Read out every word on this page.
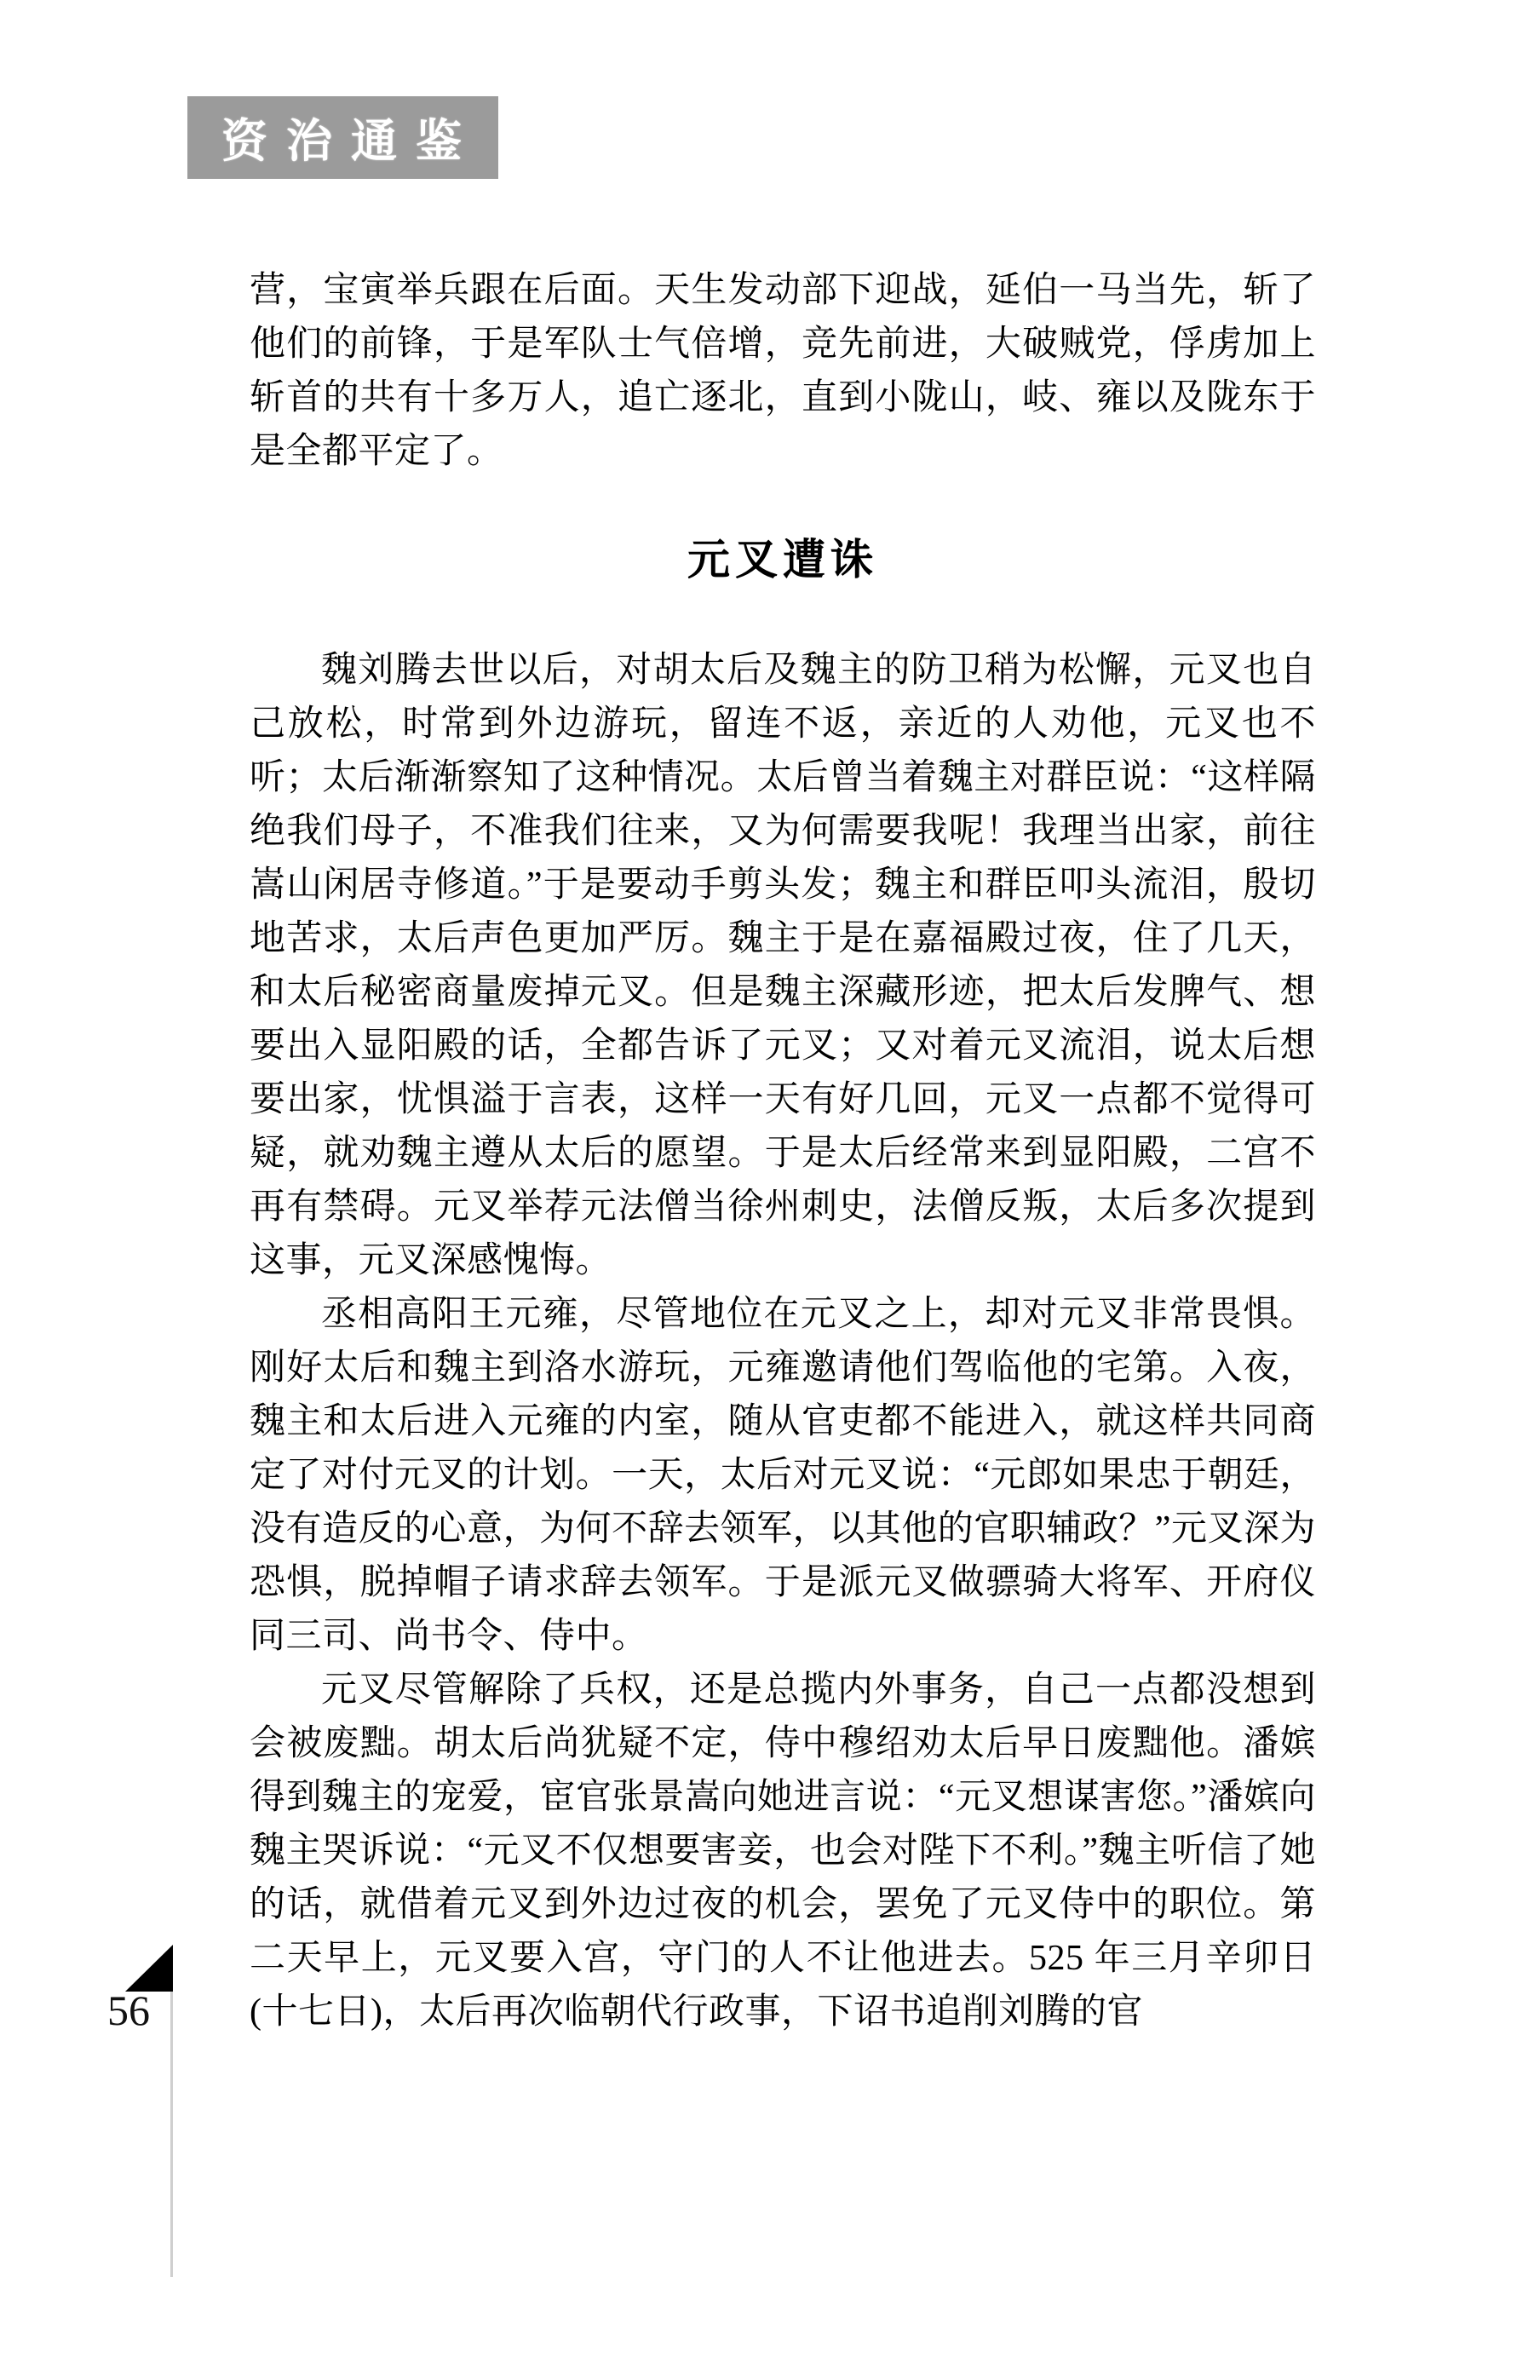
资治通鉴

营，宝寅举兵跟在后面。天生发动部下迎战，延伯一马当先，斩了他们的前锋，于是军队士气倍增，竞先前进，大破贼党，俘虏加上斩首的共有十多万人，追亡逐北，直到小陇山，岐、雍以及陇东于是全都平定了。

元叉遭诛

魏刘腾去世以后，对胡太后及魏主的防卫稍为松懈，元叉也自己放松，时常到外边游玩，留连不返，亲近的人劝他，元叉也不听；太后渐渐察知了这种情况。太后曾当着魏主对群臣说：“这样隔绝我们母子，不准我们往来，又为何需要我呢！我理当出家，前往嵩山闲居寺修道。”于是要动手剪头发；魏主和群臣叩头流泪，殷切地苦求，太后声色更加严厉。魏主于是在嘉福殿过夜，住了几天，和太后秘密商量废掉元叉。但是魏主深藏形迹，把太后发脾气、想要出入显阳殿的话，全都告诉了元叉；又对着元叉流泪，说太后想要出家，忧惧溢于言表，这样一天有好几回，元叉一点都不觉得可疑，就劝魏主遵从太后的愿望。于是太后经常来到显阳殿，二宫不再有禁碍。元叉举荐元法僧当徐州刺史，法僧反叛，太后多次提到这事，元叉深感愧悔。

丞相高阳王元雍，尽管地位在元叉之上，却对元叉非常畏惧。刚好太后和魏主到洛水游玩，元雍邀请他们驾临他的宅第。入夜，魏主和太后进入元雍的内室，随从官吏都不能进入，就这样共同商定了对付元叉的计划。一天，太后对元叉说：“元郎如果忠于朝廷，没有造反的心意，为何不辞去领军，以其他的官职辅政？”元叉深为恐惧，脱掉帽子请求辞去领军。于是派元叉做骠骑大将军、开府仪同三司、尚书令、侍中。

元叉尽管解除了兵权，还是总揽内外事务，自己一点都没想到会被废黜。胡太后尚犹疑不定，侍中穆绍劝太后早日废黜他。潘嫔得到魏主的宠爱，宦官张景嵩向她进言说：“元叉想谋害您。”潘嫔向魏主哭诉说：“元叉不仅想要害妾，也会对陛下不利。”魏主听信了她的话，就借着元叉到外边过夜的机会，罢免了元叉侍中的职位。第二天早上，元叉要入宫，守门的人不让他进去。525 年三月辛卯日 (十七日)，太后再次临朝代行政事，下诏书追削刘腾的官

56
